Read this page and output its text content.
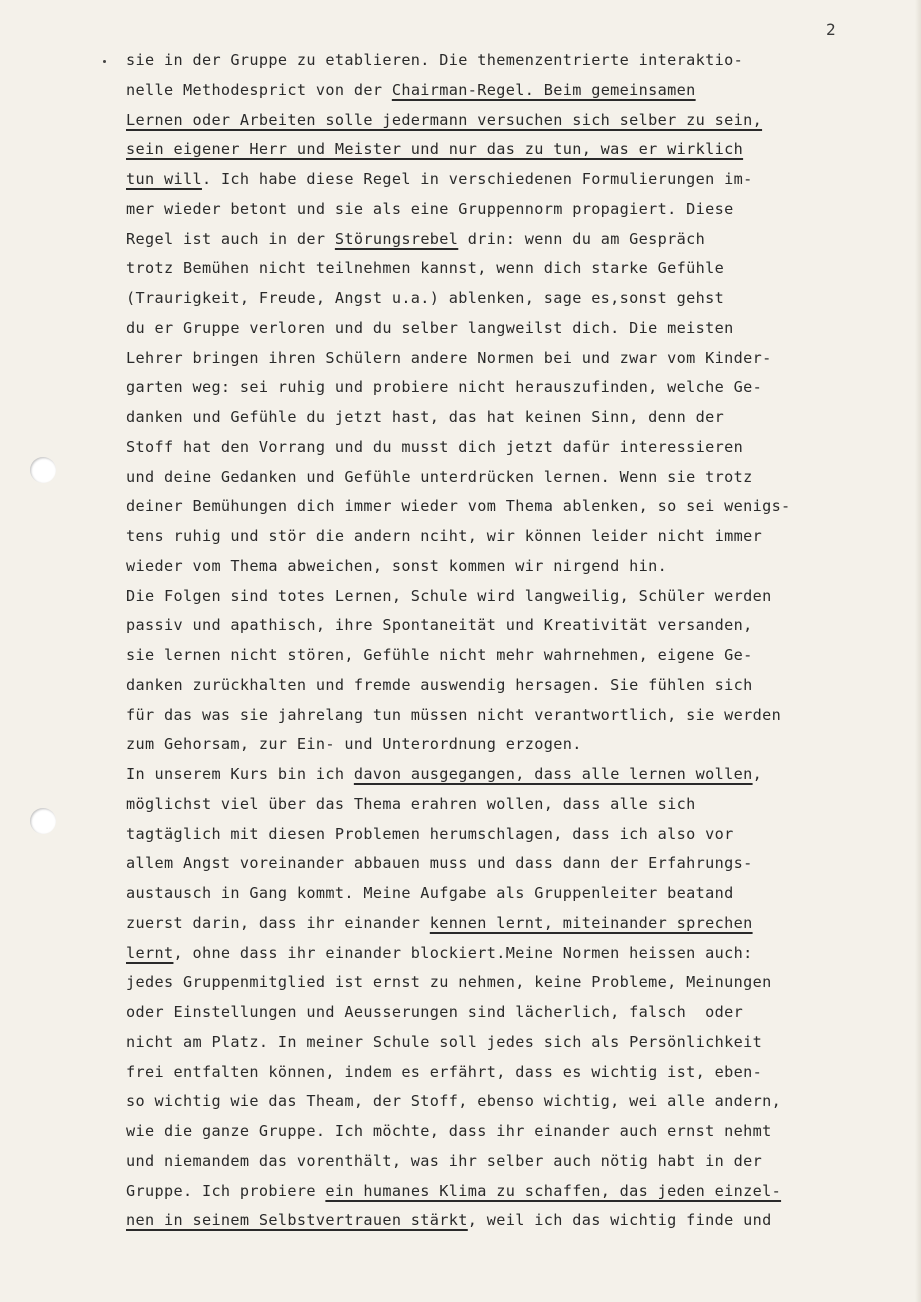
2
sie in der Gruppe zu etablieren. Die themenzentrierte interaktio-
nelle Methodesprict von der Chairman-Regel. Beim gemeinsamen
Lernen oder Arbeiten solle jedermann versuchen sich selber zu sein,
sein eigener Herr und Meister und nur das zu tun, was er wirklich
tun will. Ich habe diese Regel in verschiedenen Formulierungen im-
mer wieder betont und sie als eine Gruppennorm propagiert. Diese
Regel ist auch in der Störungsrebel drin: wenn du am Gespräch
trotz Bemühen nicht teilnehmen kannst, wenn dich starke Gefühle
(Traurigkeit, Freude, Angst u.a.) ablenken, sage es,sonst gehst
du er Gruppe verloren und du selber langweilst dich. Die meisten
Lehrer bringen ihren Schülern andere Normen bei und zwar vom Kinder-
garten weg: sei ruhig und probiere nicht herauszufinden, welche Ge-
danken und Gefühle du jetzt hast, das hat keinen Sinn, denn der
Stoff hat den Vorrang und du musst dich jetzt dafür interessieren
und deine Gedanken und Gefühle unterdrücken lernen. Wenn sie trotz
deiner Bemühungen dich immer wieder vom Thema ablenken, so sei wenigs-
tens ruhig und stör die andern nciht, wir können leider nicht immer
wieder vom Thema abweichen, sonst kommen wir nirgend hin.
Die Folgen sind totes Lernen, Schule wird langweilig, Schüler werden
passiv und apathisch, ihre Spontaneität und Kreativität versanden,
sie lernen nicht stören, Gefühle nicht mehr wahrnehmen, eigene Ge-
danken zurückhalten und fremde auswendig hersagen. Sie fühlen sich
für das was sie jahrelang tun müssen nicht verantwortlich, sie werden
zum Gehorsam, zur Ein- und Unterordnung erzogen.
In unserem Kurs bin ich davon ausgegangen, dass alle lernen wollen,
möglichst viel über das Thema erahren wollen, dass alle sich
tagtäglich mit diesen Problemen herumschlagen, dass ich also vor
allem Angst voreinander abbauen muss und dass dann der Erfahrungs-
austausch in Gang kommt. Meine Aufgabe als Gruppenleiter beatand
zuerst darin, dass ihr einander kennen lernt, miteinander sprechen
lernt, ohne dass ihr einander blockiert.Meine Normen heissen auch:
jedes Gruppenmitglied ist ernst zu nehmen, keine Probleme, Meinungen
oder Einstellungen und Aeusserungen sind lächerlich, falsch  oder
nicht am Platz. In meiner Schule soll jedes sich als Persönlichkeit
frei entfalten können, indem es erfährt, dass es wichtig ist, eben-
so wichtig wie das Theam, der Stoff, ebenso wichtig, wei alle andern,
wie die ganze Gruppe. Ich möchte, dass ihr einander auch ernst nehmt
und niemandem das vorenthält, was ihr selber auch nötig habt in der
Gruppe. Ich probiere ein humanes Klima zu schaffen, das jeden einzel-
nen in seinem Selbstvertrauen stärkt, weil ich das wichtig finde und
